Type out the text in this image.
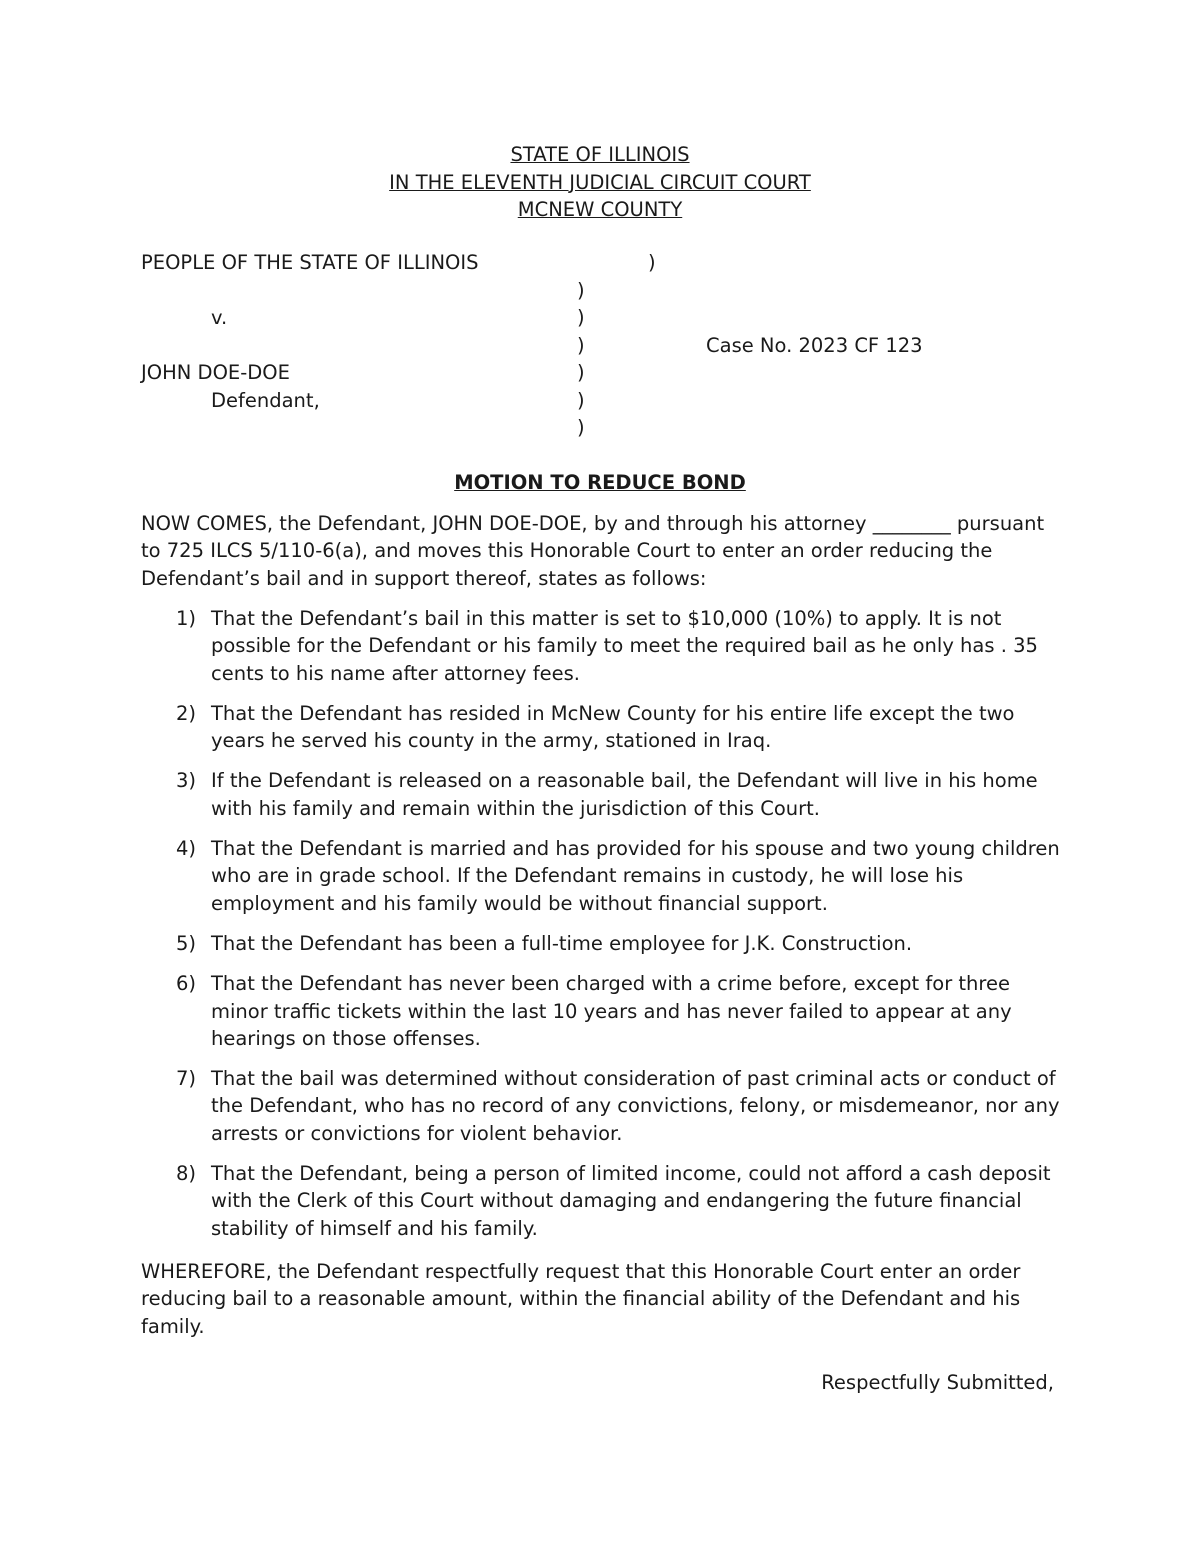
STATE OF ILLINOIS
IN THE ELEVENTH JUDICIAL CIRCUIT COURT
MCNEW COUNTY
PEOPLE OF THE STATE OF ILLINOIS	)
)
v.	)
)	Case No. 2023 CF 123
JOHN DOE-DOE	)
Defendant,	)
)
MOTION TO REDUCE BOND
NOW COMES, the Defendant, JOHN DOE-DOE, by and through his attorney ________ pursuant to 725 ILCS 5/110-6(a), and moves this Honorable Court to enter an order reducing the Defendant’s bail and in support thereof, states as follows:
1) That the Defendant’s bail in this matter is set to $10,000 (10%) to apply. It is not possible for the Defendant or his family to meet the required bail as he only has . 35 cents to his name after attorney fees.
2) That the Defendant has resided in McNew County for his entire life except the two years he served his county in the army, stationed in Iraq.
3) If the Defendant is released on a reasonable bail, the Defendant will live in his home with his family and remain within the jurisdiction of this Court.
4) That the Defendant is married and has provided for his spouse and two young children who are in grade school. If the Defendant remains in custody, he will lose his employment and his family would be without financial support.
5) That the Defendant has been a full-time employee for J.K. Construction.
6) That the Defendant has never been charged with a crime before, except for three minor traffic tickets within the last 10 years and has never failed to appear at any hearings on those offenses.
7) That the bail was determined without consideration of past criminal acts or conduct of the Defendant, who has no record of any convictions, felony, or misdemeanor, nor any arrests or convictions for violent behavior.
8) That the Defendant, being a person of limited income, could not afford a cash deposit with the Clerk of this Court without damaging and endangering the future financial stability of himself and his family.
WHEREFORE, the Defendant respectfully request that this Honorable Court enter an order reducing bail to a reasonable amount, within the financial ability of the Defendant and his family.
Respectfully Submitted,
